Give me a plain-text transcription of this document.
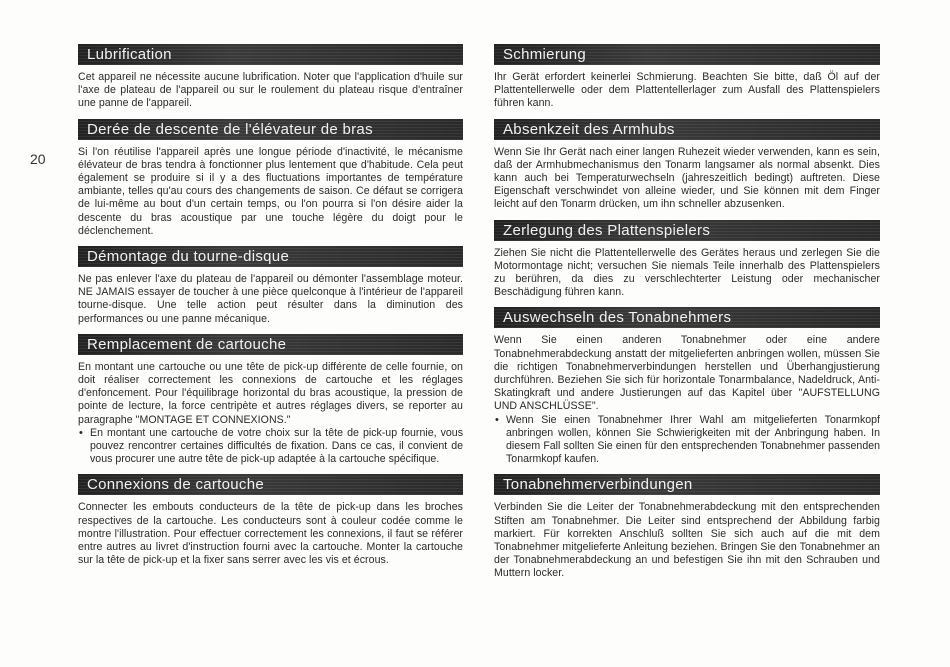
20
Lubrification

Cet appareil ne nécessite aucune lubrification. Noter que l'application d'huile sur l'axe de plateau de l'appareil ou sur le roulement du plateau risque d'entraîner une panne de l'appareil.

Derée de descente de l'élévateur de bras

Si l'on réutilise l'appareil après une longue période d'inactivité, le mécanisme élévateur de bras tendra à fonctionner plus lentement que d'habitude. Cela peut également se produire si il y a des fluctuations importantes de température ambiante, telles qu'au cours des changements de saison. Ce défaut se corrigera de lui-même au bout d'un certain temps, ou l'on pourra si l'on désire aider la descente du bras acoustique par une touche légère du doigt pour le déclenchement.

Démontage du tourne-disque

Ne pas enlever l'axe du plateau de l'appareil ou démonter l'assemblage moteur. NE JAMAIS essayer de toucher à une pièce quelconque à l'intérieur de l'appareil tourne-disque. Une telle action peut résulter dans la diminution des performances ou une panne mécanique.

Remplacement de cartouche

En montant une cartouche ou une tête de pick-up différente de celle fournie, on doit réaliser correctement les connexions de cartouche et les réglages d'enfoncement. Pour l'équilibrage horizontal du bras acoustique, la pression de pointe de lecture, la force centripète et autres réglages divers, se reporter au paragraphe "MONTAGE ET CONNEXIONS."

• En montant une cartouche de votre choix sur la tête de pick-up fournie, vous pouvez rencontrer certaines difficultés de fixation. Dans ce cas, il convient de vous procurer une autre tête de pick-up adaptée à la cartouche spécifique.
Connexions de cartouche

Connecter les embouts conducteurs de la tête de pick-up dans les broches respectives de la cartouche. Les conducteurs sont à couleur codée comme le montre l'illustration. Pour effectuer correctement les connexions, il faut se référer entre autres au livret d'instruction fourni avec la cartouche. Monter la cartouche sur la tête de pick-up et la fixer sans serrer avec les vis et écrous.

Schmierung

Ihr Gerät erfordert keinerlei Schmierung. Beachten Sie bitte, daß Öl auf der Plattentellerwelle oder dem Plattentellerlager zum Ausfall des Plattenspielers führen kann.

Absenkzeit des Armhubs

Wenn Sie Ihr Gerät nach einer langen Ruhezeit wieder verwenden, kann es sein, daß der Armhubmechanismus den Tonarm langsamer als normal absenkt. Dies kann auch bei Temperaturwechseln (jahreszeitlich bedingt) auftreten. Diese Eigenschaft verschwindet von alleine wieder, und Sie können mit dem Finger leicht auf den Tonarm drücken, um ihn schneller abzusenken.

Zerlegung des Plattenspielers

Ziehen Sie nicht die Plattentellerwelle des Gerätes heraus und zerlegen Sie die Motormontage nicht; versuchen Sie niemals Teile innerhalb des Plattenspielers zu berühren, da dies zu verschlechterter Leistung oder mechanischer Beschädigung führen kann.

Auswechseln des Tonabnehmers

Wenn Sie einen anderen Tonabnehmer oder eine andere Tonabnehmerabdeckung anstatt der mitgelieferten anbringen wollen, müssen Sie die richtigen Tonabnehmerverbindungen herstellen und Überhangjustierung durchführen. Beziehen Sie sich für horizontale Tonarmbalance, Nadeldruck, Anti-Skatingkraft und andere Justierungen auf das Kapitel über "AUFSTELLUNG UND ANSCHLÜSSE".

• Wenn Sie einen Tonabnehmer Ihrer Wahl am mitgelieferten Tonarmkopf anbringen wollen, können Sie Schwierigkeiten mit der Anbringung haben. In diesem Fall sollten Sie einen für den entsprechenden Tonabnehmer passenden Tonarmkopf kaufen.
Tonabnehmerverbindungen

Verbinden Sie die Leiter der Tonabnehmerabdeckung mit den entsprechenden Stiften am Tonabnehmer. Die Leiter sind entsprechend der Abbildung farbig markiert. Für korrekten Anschluß sollten Sie sich auch auf die mit dem Tonabnehmer mitgelieferte Anleitung beziehen. Bringen Sie den Tonabnehmer an der Tonabnehmerabdeckung an und befestigen Sie ihn mit den Schrauben und Muttern locker.
